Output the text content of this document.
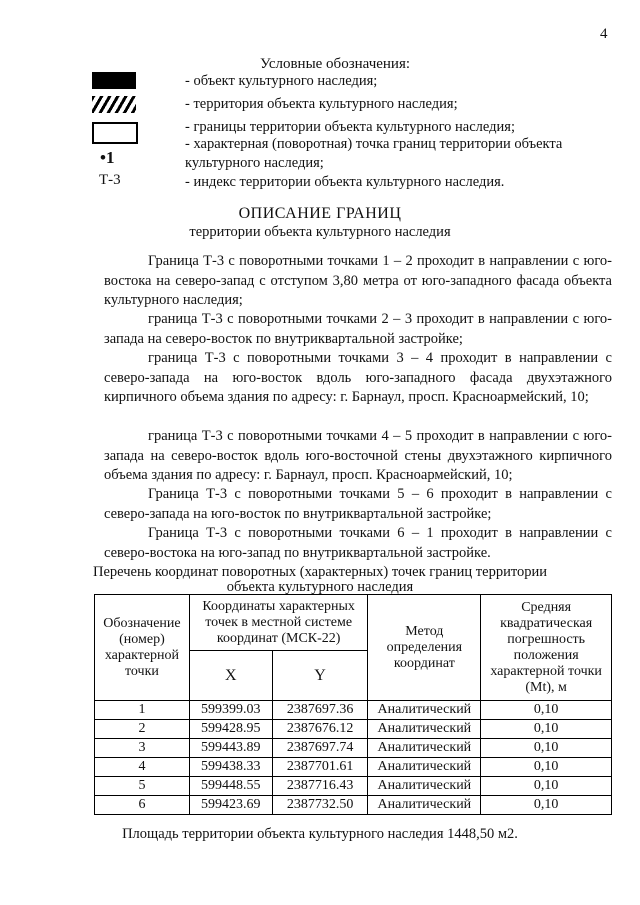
4
Условные обозначения:
- объект культурного наследия;
- территория объекта культурного наследия;
- границы территории объекта культурного наследия;
•1
- характерная (поворотная) точка границ территории объекта
культурного наследия;
Т-3	- индекс территории объекта культурного наследия.
ОПИСАНИЕ ГРАНИЦ
территории объекта культурного наследия
Граница Т-3 с поворотными точками 1 – 2 проходит в направлении с юго-востока на северо-запад с отступом 3,80 метра от юго-западного фасада объекта культурного наследия;
граница Т-3 с поворотными точками 2 – 3 проходит в направлении с юго-запада на северо-восток по внутриквартальной застройке;
граница Т-3 с поворотными точками 3 – 4 проходит в направлении с северо-запада на юго-восток вдоль юго-западного фасада двухэтажного кирпичного объема здания по адресу: г. Барнаул, просп. Красноармейский, 10;
граница Т-3 с поворотными точками 4 – 5 проходит в направлении с юго-запада на северо-восток вдоль юго-восточной стены двухэтажного кирпичного объема здания по адресу: г. Барнаул, просп. Красноармейский, 10;
Граница Т-3 с поворотными точками 5 – 6 проходит в направлении с северо-запада на юго-восток по внутриквартальной застройке;
Граница Т-3 с поворотными точками 6 – 1 проходит в направлении с северо-востока на юго-запад по внутриквартальной застройке.
Перечень координат поворотных (характерных) точек границ территории
объекта культурного наследия
Обозначение (номер) характерной точки	Координаты характерных точек в местной системе координат (МСК-22)		Метод определения координат	Средняя квадратическая погрешность положения характерной точки (Mt), м
	X	Y		
1	599399.03	2387697.36	Аналитический	0,10
2	599428.95	2387676.12	Аналитический	0,10
3	599443.89	2387697.74	Аналитический	0,10
4	599438.33	2387701.61	Аналитический	0,10
5	599448.55	2387716.43	Аналитический	0,10
6	599423.69	2387732.50	Аналитический	0,10
Площадь территории объекта культурного наследия 1448,50 м2.
